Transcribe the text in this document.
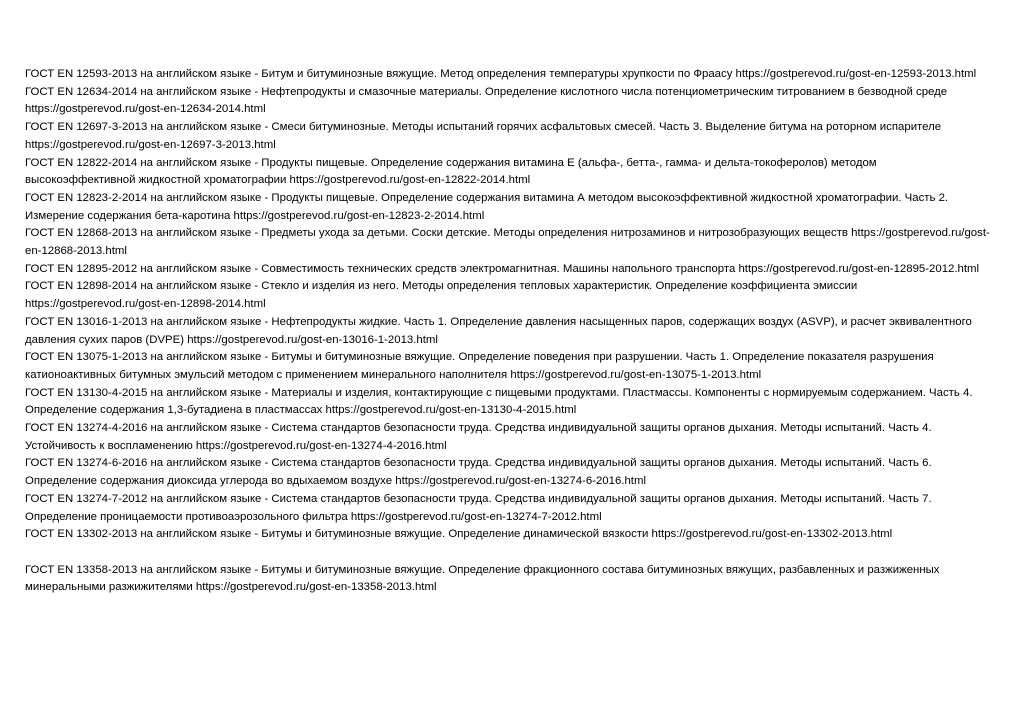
ГОСТ EN 12593-2013 на английском языке - Битум и битуминозные вяжущие. Метод определения температуры хрупкости по Фраасу https://gostperevod.ru/gost-en-12593-2013.html

ГОСТ EN 12634-2014 на английском языке - Нефтепродукты и смазочные материалы. Определение кислотного числа потенциометрическим титрованием в безводной среде https://gostperevod.ru/gost-en-12634-2014.html

ГОСТ EN 12697-3-2013 на английском языке - Смеси битуминозные. Методы испытаний горячих асфальтовых смесей. Часть 3. Выделение битума на роторном испарителе https://gostperevod.ru/gost-en-12697-3-2013.html

ГОСТ EN 12822-2014 на английском языке - Продукты пищевые. Определение содержания витамина Е (альфа-, бетта-, гамма- и дельта-токоферолов) методом высокоэффективной жидкостной хроматографии https://gostperevod.ru/gost-en-12822-2014.html

ГОСТ EN 12823-2-2014 на английском языке - Продукты пищевые. Определение содержания витамина А методом высокоэффективной жидкостной хроматографии. Часть 2. Измерение содержания бета-каротина https://gostperevod.ru/gost-en-12823-2-2014.html

ГОСТ EN 12868-2013 на английском языке - Предметы ухода за детьми. Соски детские. Методы определения нитрозаминов и нитрозобразующих веществ https://gostperevod.ru/gost-en-12868-2013.html

ГОСТ EN 12895-2012 на английском языке - Совместимость технических средств электромагнитная. Машины напольного транспорта https://gostperevod.ru/gost-en-12895-2012.html

ГОСТ EN 12898-2014 на английском языке - Стекло и изделия из него. Методы определения тепловых характеристик. Определение коэффициента эмиссии https://gostperevod.ru/gost-en-12898-2014.html

ГОСТ EN 13016-1-2013 на английском языке - Нефтепродукты жидкие. Часть 1. Определение давления насыщенных паров, содержащих воздух (ASVP), и расчет эквивалентного давления сухих паров (DVPE) https://gostperevod.ru/gost-en-13016-1-2013.html

ГОСТ EN 13075-1-2013 на английском языке - Битумы и битуминозные вяжущие. Определение поведения при разрушении. Часть 1. Определение показателя разрушения катионоактивных битумных эмульсий методом с применением минерального наполнителя https://gostperevod.ru/gost-en-13075-1-2013.html

ГОСТ EN 13130-4-2015 на английском языке - Материалы и изделия, контактирующие с пищевыми продуктами. Пластмассы. Компоненты с нормируемым содержанием. Часть 4. Определение содержания 1,3-бутадиена в пластмассах https://gostperevod.ru/gost-en-13130-4-2015.html

ГОСТ EN 13274-4-2016 на английском языке - Система стандартов безопасности труда. Средства индивидуальной защиты органов дыхания. Методы испытаний. Часть 4. Устойчивость к воспламенению https://gostperevod.ru/gost-en-13274-4-2016.html

ГОСТ EN 13274-6-2016 на английском языке - Система стандартов безопасности труда. Средства индивидуальной защиты органов дыхания. Методы испытаний. Часть 6. Определение содержания диоксида углерода во вдыхаемом воздухе https://gostperevod.ru/gost-en-13274-6-2016.html

ГОСТ EN 13274-7-2012 на английском языке - Система стандартов безопасности труда. Средства индивидуальной защиты органов дыхания. Методы испытаний. Часть 7. Определение проницаемости противоаэрозольного фильтра https://gostperevod.ru/gost-en-13274-7-2012.html

ГОСТ EN 13302-2013 на английском языке - Битумы и битуминозные вяжущие. Определение динамической вязкости https://gostperevod.ru/gost-en-13302-2013.html

ГОСТ EN 13358-2013 на английском языке - Битумы и битуминозные вяжущие. Определение фракционного состава битуминозных вяжущих, разбавленных и разжиженных минеральными разжижителями https://gostperevod.ru/gost-en-13358-2013.html
